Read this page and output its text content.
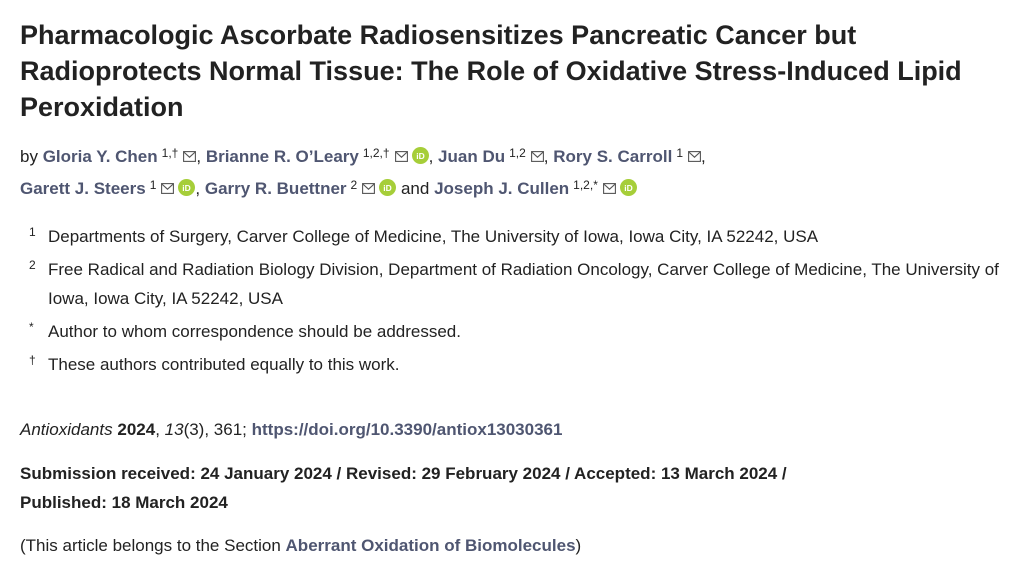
Pharmacologic Ascorbate Radiosensitizes Pancreatic Cancer but Radioprotects Normal Tissue: The Role of Oxidative Stress-Induced Lipid Peroxidation
by Gloria Y. Chen $^{1,\dagger}$ , Brianne R. O’Leary $^{1,2,\dagger}$	iD , Juan Du $^{1,2}$ , Rory S. Carroll $^1$ ,
Garett J. Steers $^1$	iD , Garry R. Buettner $^2$	iD and Joseph J. Cullen $^{1,2,*}$	iD
1 Departments of Surgery, Carver College of Medicine, The University of Iowa, Iowa City, IA 52242, USA
2 Free Radical and Radiation Biology Division, Department of Radiation Oncology, Carver College of Medicine, The University of Iowa, Iowa City, IA 52242, USA
* Author to whom correspondence should be addressed.
† These authors contributed equally to this work.
Antioxidants 2024, 13(3), 361; https://doi.org/10.3390/antiox13030361
Submission received: 24 January 2024 / Revised: 29 February 2024 / Accepted: 13 March 2024 /
Published: 18 March 2024
(This article belongs to the Section Aberrant Oxidation of Biomolecules)
